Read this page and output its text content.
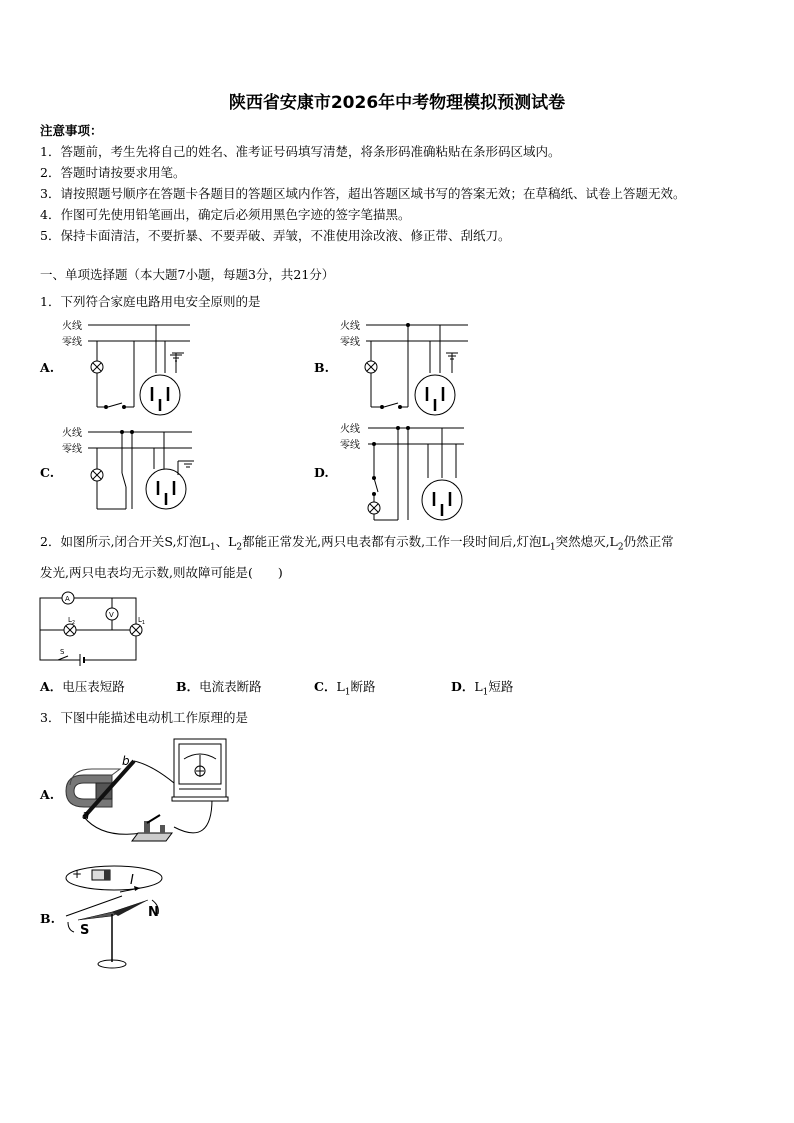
陕西省安康市2026年中考物理模拟预测试卷
注意事项：
1．答题前，考生先将自己的姓名、准考证号码填写清楚，将条形码准确粘贴在条形码区域内。
2．答题时请按要求用笔。
3．请按照题号顺序在答题卡各题目的答题区域内作答，超出答题区域书写的答案无效；在草稿纸、试卷上答题无效。
4．作图可先使用铅笔画出，确定后必须用黑色字迹的签字笔描黑。
5．保持卡面清洁，不要折暴、不要弄破、弄皱，不准使用涂改液、修正带、刮纸刀。
一、单项选择题（本大题7小题，每题3分，共21分）
1．下列符合家庭电路用电安全原则的是
A.	B.
C.	D.
火线
零线
火线
零线
火线
零线
火线
零线
2．如图所示,闭合开关S,灯泡$L_1$、$L_2$都能正常发光,两只电表都有示数,工作一段时间后,灯泡$L_1$突然熄灭$,L_2$仍然正常
发光,两只电表均无示数,则故障可能是(　　)
A
V
$L_2$	$L_1$
S
A．电压表短路	B．电流表断路	C．$L_1$断路	D．$L_1$短路
3．下图中能描述电动机工作原理的是
A.
B.
b
a
+	I
N
S
